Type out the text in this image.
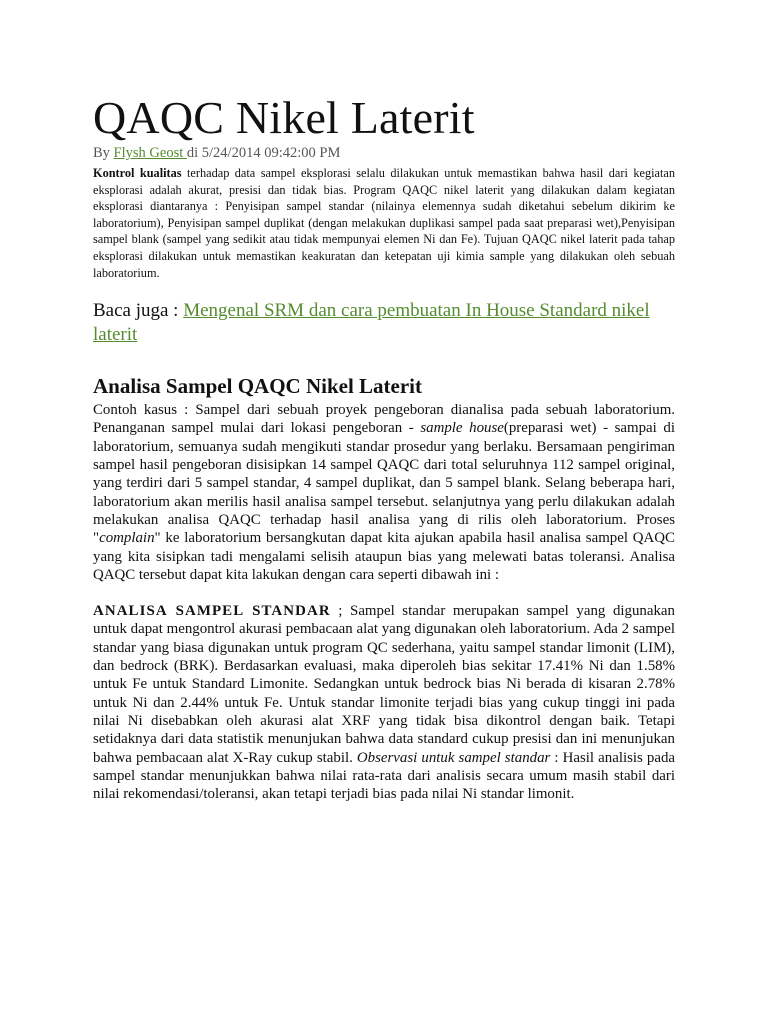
QAQC Nikel Laterit
By Flysh Geost di 5/24/2014 09:42:00 PM

Kontrol kualitas terhadap data sampel eksplorasi selalu dilakukan untuk memastikan bahwa hasil dari kegiatan eksplorasi adalah akurat, presisi dan tidak bias. Program QAQC nikel laterit yang dilakukan dalam kegiatan eksplorasi diantaranya : Penyisipan sampel standar (nilainya elemennya sudah diketahui sebelum dikirim ke laboratorium), Penyisipan sampel duplikat (dengan melakukan duplikasi sampel pada saat preparasi wet),Penyisipan sampel blank (sampel yang sedikit atau tidak mempunyai elemen Ni dan Fe). Tujuan QAQC nikel laterit pada tahap eksplorasi dilakukan untuk memastikan keakuratan dan ketepatan uji kimia sample yang dilakukan oleh sebuah laboratorium.

Baca juga : Mengenal SRM dan cara pembuatan In House Standard nikel laterit
Analisa Sampel QAQC Nikel Laterit

Contoh kasus : Sampel dari sebuah proyek pengeboran dianalisa pada sebuah laboratorium. Penanganan sampel mulai dari lokasi pengeboran - sample house(preparasi wet) - sampai di laboratorium, semuanya sudah mengikuti standar prosedur yang berlaku. Bersamaan pengiriman sampel hasil pengeboran disisipkan 14 sampel QAQC dari total seluruhnya 112 sampel original, yang terdiri dari 5 sampel standar, 4 sampel duplikat, dan 5 sampel blank. Selang beberapa hari, laboratorium akan merilis hasil analisa sampel tersebut. selanjutnya yang perlu dilakukan adalah melakukan analisa QAQC terhadap hasil analisa yang di rilis oleh laboratorium. Proses "complain" ke laboratorium bersangkutan dapat kita ajukan apabila hasil analisa sampel QAQC yang kita sisipkan tadi mengalami selisih ataupun bias yang melewati batas toleransi. Analisa QAQC tersebut dapat kita lakukan dengan cara seperti dibawah ini :

ANALISA SAMPEL STANDAR ; Sampel standar merupakan sampel yang digunakan untuk dapat mengontrol akurasi pembacaan alat yang digunakan oleh laboratorium. Ada 2 sampel standar yang biasa digunakan untuk program QC sederhana, yaitu sampel standar limonit (LIM), dan bedrock (BRK). Berdasarkan evaluasi, maka diperoleh bias sekitar 17.41% Ni dan 1.58% untuk Fe untuk Standard Limonite. Sedangkan untuk bedrock bias Ni berada di kisaran 2.78% untuk Ni dan 2.44% untuk Fe. Untuk standar limonite terjadi bias yang cukup tinggi ini pada nilai Ni disebabkan oleh akurasi alat XRF yang tidak bisa dikontrol dengan baik. Tetapi setidaknya dari data statistik menunjukan bahwa data standard cukup presisi dan ini menunjukan bahwa pembacaan alat X-Ray cukup stabil. Observasi untuk sampel standar : Hasil analisis pada sampel standar menunjukkan bahwa nilai rata-rata dari analisis secara umum masih stabil dari nilai rekomendasi/toleransi, akan tetapi terjadi bias pada nilai Ni standar limonit.
